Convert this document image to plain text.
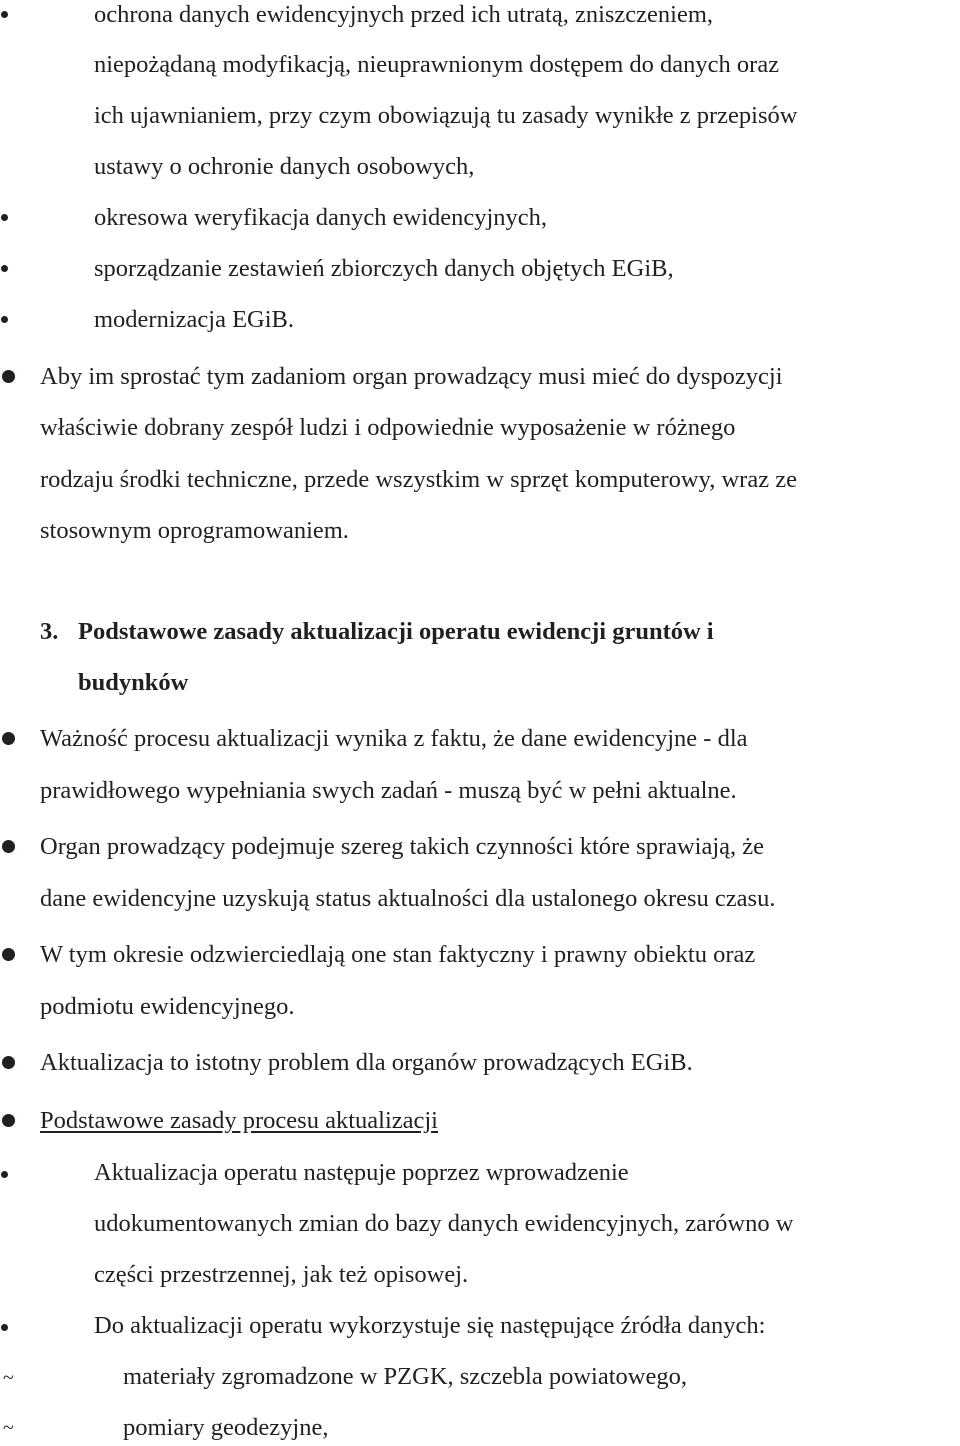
ochrona danych ewidencyjnych przed ich utratą, zniszczeniem,
niepożądaną modyfikacją, nieuprawnionym dostępem do danych oraz
ich ujawnianiem, przy czym obowiązują tu zasady wynikłe z przepisów
ustawy o ochronie danych osobowych,
okresowa weryfikacja danych ewidencyjnych,
sporządzanie zestawień zbiorczych danych objętych EGiB,
modernizacja EGiB.
Aby im sprostać tym zadaniom organ prowadzący musi mieć do dyspozycji
właściwie dobrany zespół ludzi i odpowiednie wyposażenie w różnego
rodzaju środki techniczne, przede wszystkim w sprzęt komputerowy, wraz ze
stosownym oprogramowaniem.
3. Podstawowe zasady aktualizacji operatu ewidencji gruntów i
budynków
Ważność procesu aktualizacji wynika z faktu, że dane ewidencyjne - dla
prawidłowego wypełniania swych zadań - muszą być w pełni aktualne.
Organ prowadzący podejmuje szereg takich czynności które sprawiają, że
dane ewidencyjne uzyskują status aktualności dla ustalonego okresu czasu.
W tym okresie odzwierciedlają one stan faktyczny i prawny obiektu oraz
podmiotu ewidencyjnego.
Aktualizacja to istotny problem dla organów prowadzących EGiB.
Podstawowe zasady procesu aktualizacji
Aktualizacja operatu następuje poprzez wprowadzenie
udokumentowanych zmian do bazy danych ewidencyjnych, zarówno w
części przestrzennej, jak też opisowej.
Do aktualizacji operatu wykorzystuje się następujące źródła danych:
~	materiały zgromadzone w PZGK, szczebla powiatowego,
~	pomiary geodezyjne,
